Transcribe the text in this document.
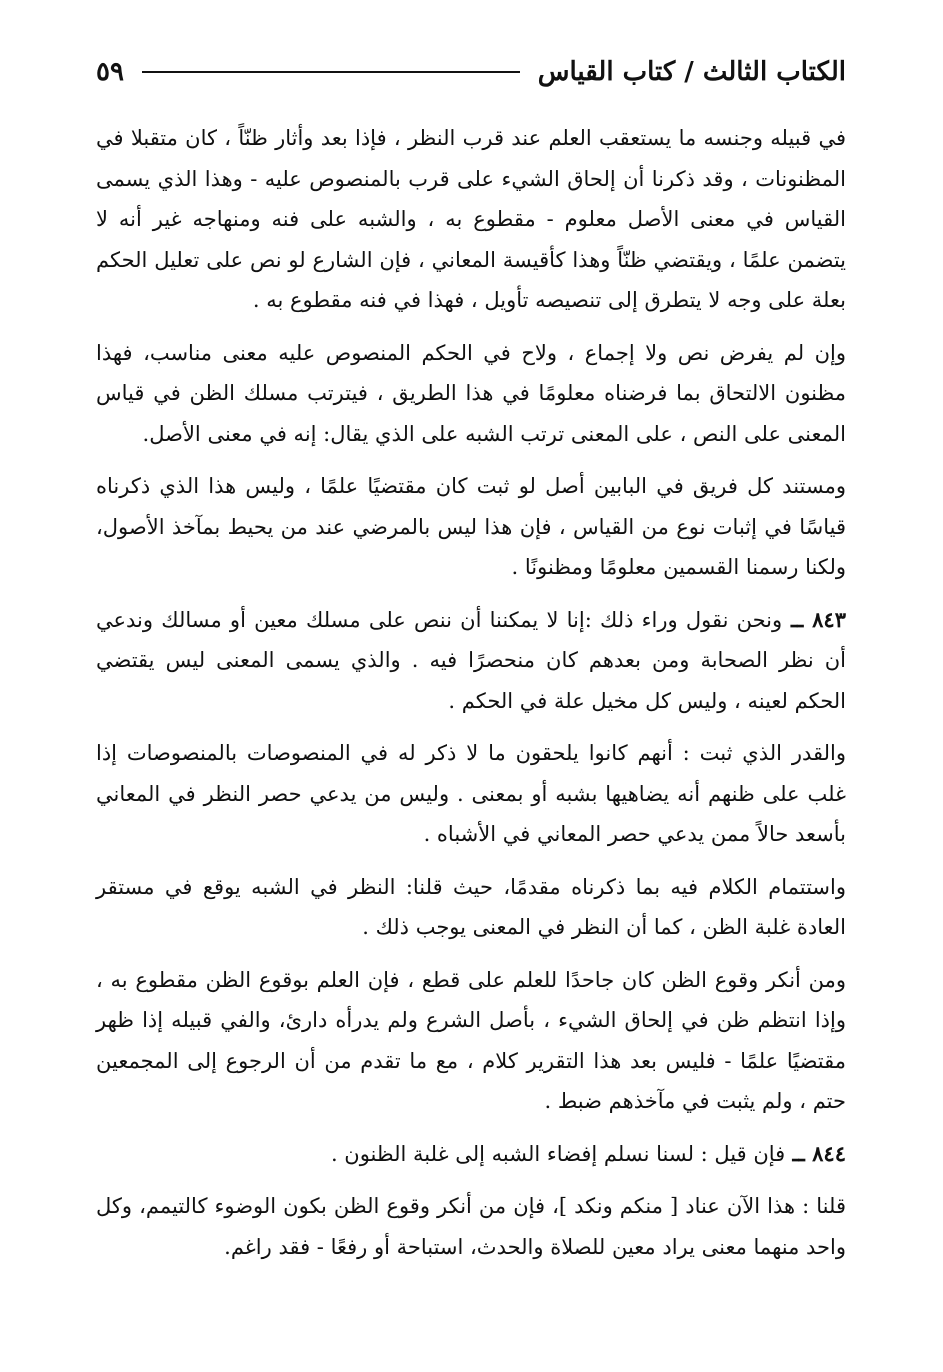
الكتاب الثالث / كتاب القياس
٥٩

في قبيله وجنسه ما يستعقب العلم عند قرب النظر ، فإذا بعد وأثار ظنّاً ، كان متقبلا في المظنونات ، وقد ذكرنا أن إلحاق الشيء على قرب بالمنصوص عليه - وهذا الذي يسمى القياس في معنى الأصل معلوم - مقطوع به ، والشبه على فنه ومنهاجه غير أنه لا يتضمن علمًا ، ويقتضي ظنّاً وهذا كأقيسة المعاني ، فإن الشارع لو نص على تعليل الحكم بعلة على وجه لا يتطرق إلى تنصيصه تأويل ، فهذا في فنه مقطوع به .

وإن لم يفرض نص ولا إجماع ، ولاح في الحكم المنصوص عليه معنى مناسب، فهذا مظنون الالتحاق بما فرضناه معلومًا في هذا الطريق ، فيترتب مسلك الظن في قياس المعنى على النص ، على المعنى ترتب الشبه على الذي يقال: إنه في معنى الأصل.

ومستند كل فريق في البابين أصل لو ثبت كان مقتضيًا علمًا ، وليس هذا الذي ذكرناه قياسًا في إثبات نوع من القياس ، فإن هذا ليس بالمرضي عند من يحيط بمآخذ الأصول، ولكنا رسمنا القسمين معلومًا ومظنونًا .

٨٤٣ ــ ونحن نقول وراء ذلك :إنا لا يمكننا أن ننص على مسلك معين أو مسالك وندعي أن نظر الصحابة ومن بعدهم كان منحصرًا فيه . والذي يسمى المعنى ليس يقتضي الحكم لعينه ، وليس كل مخيل علة في الحكم .

والقدر الذي ثبت : أنهم كانوا يلحقون ما لا ذكر له في المنصوصات بالمنصوصات إذا غلب على ظنهم أنه يضاهيها بشبه أو بمعنى . وليس من يدعي حصر النظر في المعاني بأسعد حالاً ممن يدعي حصر المعاني في الأشباه .

واستتمام الكلام فيه بما ذكرناه مقدمًا، حيث قلنا: النظر في الشبه يوقع في مستقر العادة غلبة الظن ، كما أن النظر في المعنى يوجب ذلك .

ومن أنكر وقوع الظن كان جاحدًا للعلم على قطع ، فإن العلم بوقوع الظن مقطوع به ، وإذا انتظم ظن في إلحاق الشيء ، بأصل الشرع ولم يدرأه دارئ، والفي قبيله إذا ظهر مقتضيًا علمًا - فليس بعد هذا التقرير كلام ، مع ما تقدم من أن الرجوع إلى المجمعين حتم ، ولم يثبت في مآخذهم ضبط .

٨٤٤ ــ فإن قيل : لسنا نسلم إفضاء الشبه إلى غلبة الظنون .

قلنا : هذا الآن عناد [ منكم ونكد ]، فإن من أنكر وقوع الظن بكون الوضوء كالتيمم، وكل واحد منهما معنى يراد معين للصلاة والحدث، استباحة أو رفعًا - فقد راغم.
